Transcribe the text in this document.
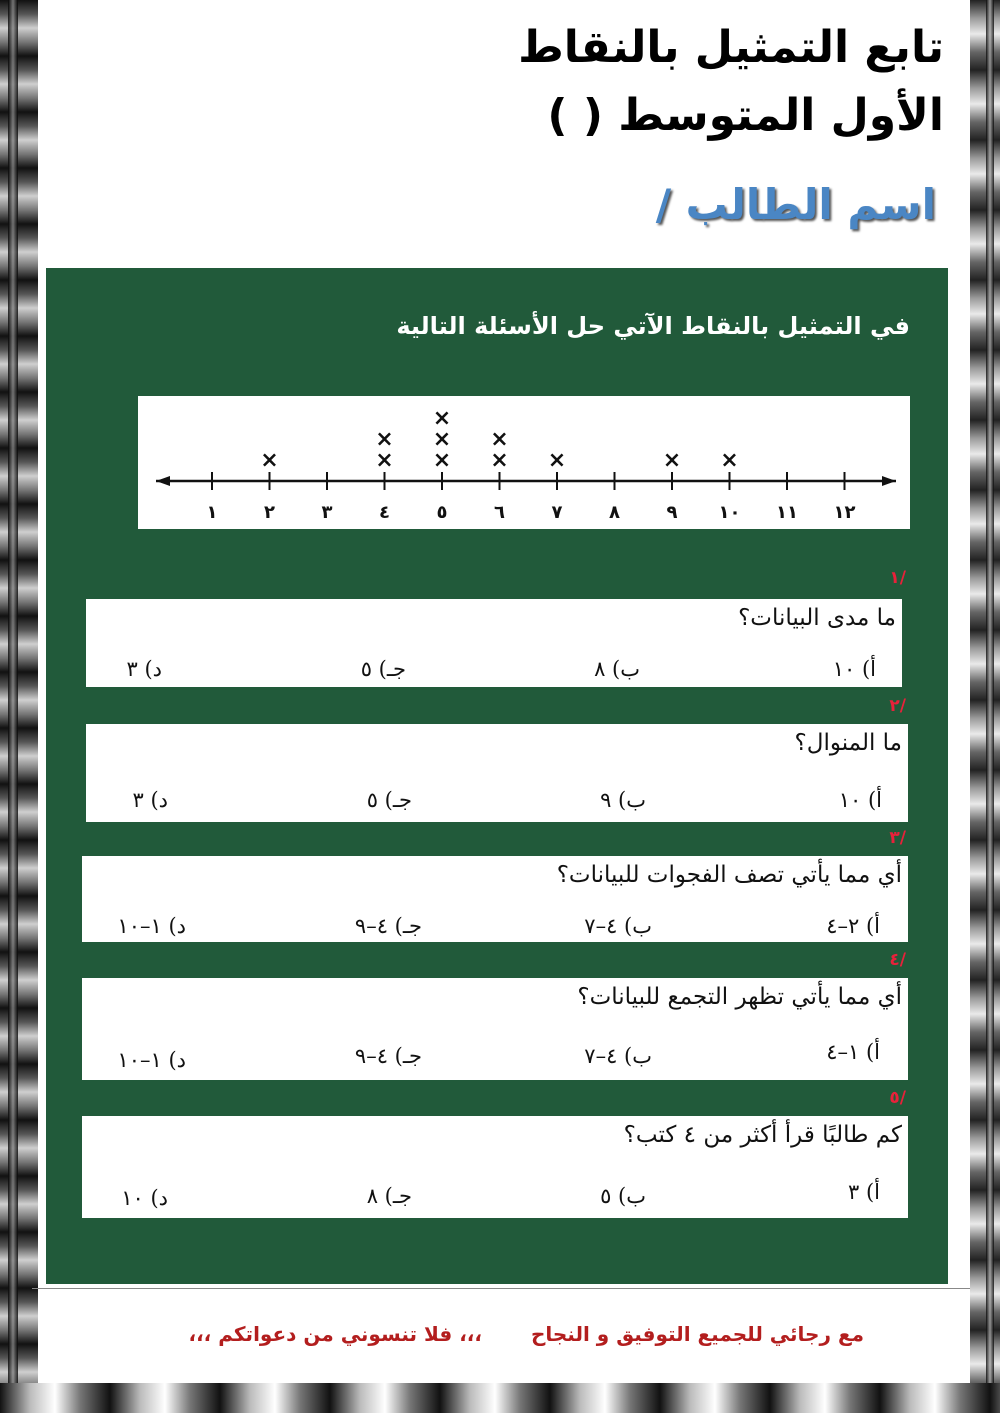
تابع التمثيل بالنقاط
الأول المتوسط ( )
اسم الطالب /
في التمثيل بالنقاط الآتي حل الأسئلة التالية
١	٢	٣	٤	٥	٦	٧	٨	٩ ١٠ ١١ ١٢
×	×
×
×
×
×
×
×
×	× ×
/١
ما مدى البيانات؟
أ) ١٠
ب) ٨
جـ) ٥
د) ٣
/٢
ما المنوال؟
أ) ١٠
ب) ٩
جـ) ٥
د) ٣
/٣
أي مما يأتي تصف الفجوات للبيانات؟
أ) ٢–٤
ب) ٤–٧
جـ) ٤–٩
د) ١–١٠
/٤
أي مما يأتي تظهر التجمع للبيانات؟
أ) ١–٤
ب) ٤–٧
جـ) ٤–٩
د) ١–١٠
/٥
كم طالبًا قرأ أكثر من ٤ كتب؟
أ) ٣
ب) ٥
جـ) ٨
د) ١٠
مع رجائي للجميع التوفيق و النجاح
،،، فلا تنسوني من دعواتكم ،،،
